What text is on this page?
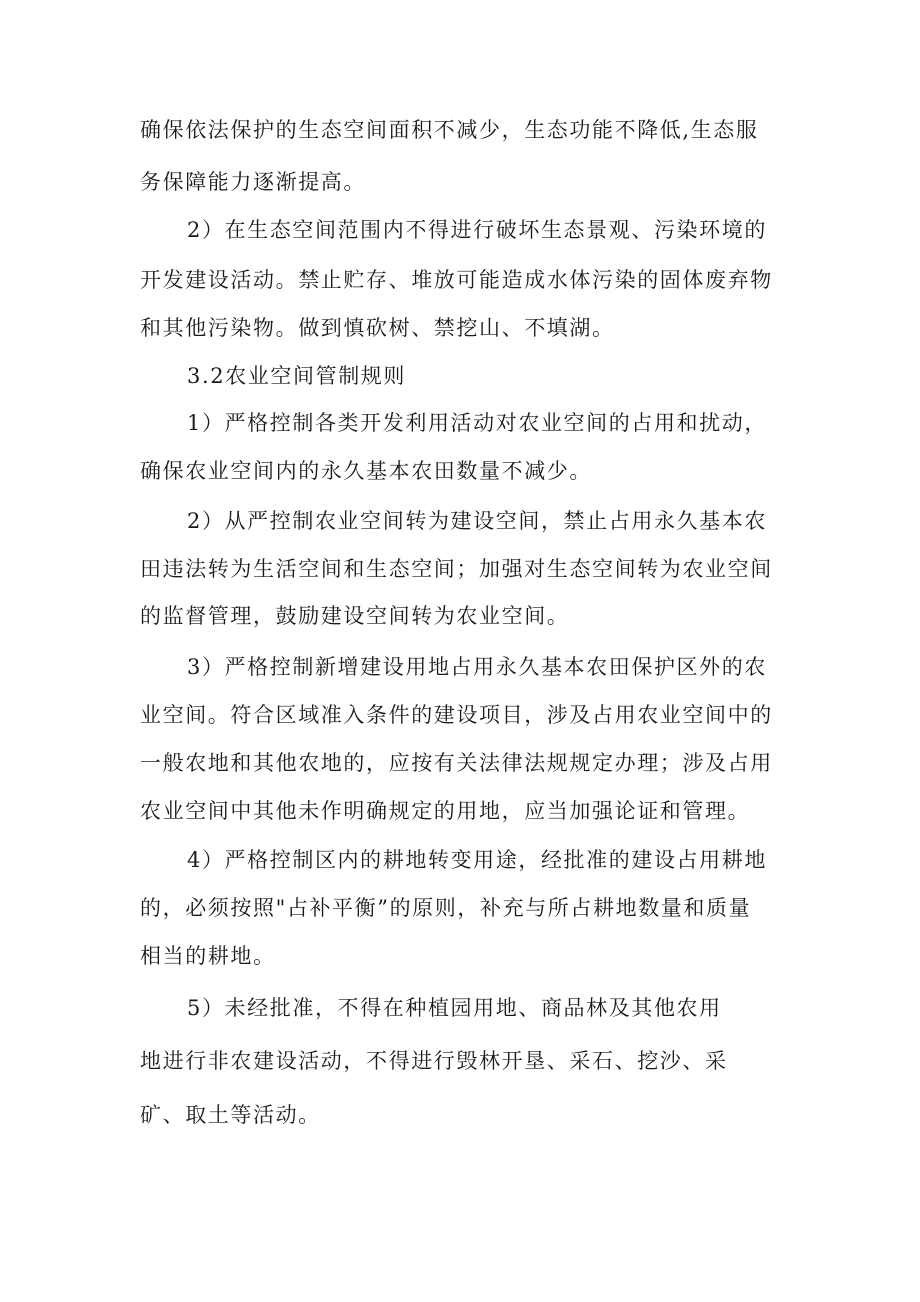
确保依法保护的生态空间面积不减少，生态功能不降低,生态服
务保障能力逐渐提高。
2）在生态空间范围内不得进行破坏生态景观、污染环境的
开发建设活动。禁止贮存、堆放可能造成水体污染的固体废弃物
和其他污染物。做到慎砍树、禁挖山、不填湖。
3.2农业空间管制规则
1）严格控制各类开发利用活动对农业空间的占用和扰动，
确保农业空间内的永久基本农田数量不减少。
2）从严控制农业空间转为建设空间，禁止占用永久基本农
田违法转为生活空间和生态空间；加强对生态空间转为农业空间
的监督管理，鼓励建设空间转为农业空间。
3）严格控制新增建设用地占用永久基本农田保护区外的农
业空间。符合区域准入条件的建设项目，涉及占用农业空间中的
一般农地和其他农地的，应按有关法律法规规定办理；涉及占用
农业空间中其他未作明确规定的用地，应当加强论证和管理。
4）严格控制区内的耕地转变用途，经批准的建设占用耕地
的，必须按照"占补平衡”的原则，补充与所占耕地数量和质量
相当的耕地。
5）未经批准，不得在种植园用地、商品林及其他农用
地进行非农建设活动，不得进行毁林开垦、采石、挖沙、采
矿、取土等活动。
